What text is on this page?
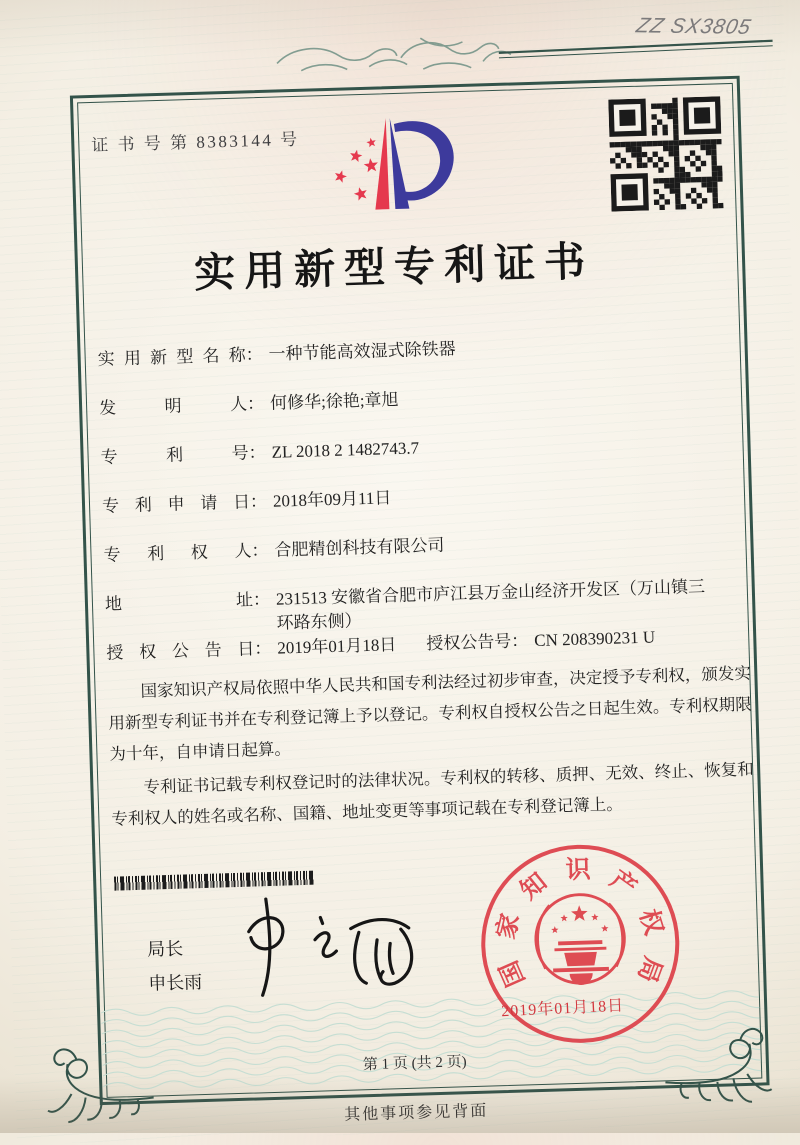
ZZ SX3805
证 书 号 第 8383144 号
实用新型专利证书
实用新型名称 ： 一种节能高效湿式除铁器
发明人 ： 何修华;徐艳;章旭
专利号 ： ZL 2018 2 1482743.7
专利申请日 ： 2018年09月11日
专利权人 ： 合肥精创科技有限公司
地址 ： 231513 安徽省合肥市庐江县万金山经济开发区（万山镇三环路东侧）
授权公告日 ： 2019年01月18日 授权公告号 ： CN 208390231 U

国家知识产权局依照中华人民共和国专利法经过初步审查，决定授予专利权，颁发实用新型专利证书并在专利登记簿上予以登记。专利权自授权公告之日起生效。专利权期限为十年，自申请日起算。

专利证书记载专利权登记时的法律状况。专利权的转移、质押、无效、终止、恢复和专利权人的姓名或名称、国籍、地址变更等事项记载在专利登记簿上。

局长
申长雨	国
家
知 识 产
权
局
2019年01月18日
第 1 页 (共 2 页)
其他事项参见背面
